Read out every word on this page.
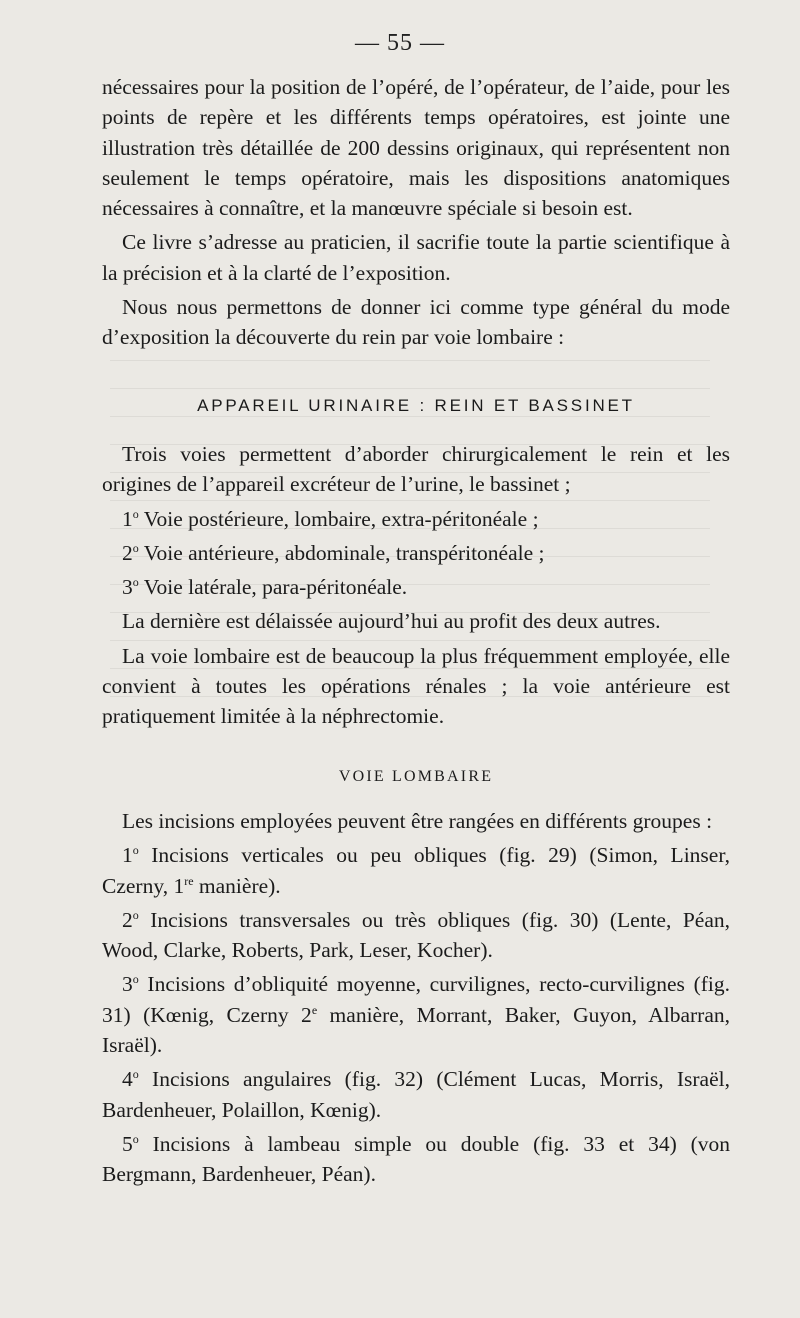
— 55 —

nécessaires pour la position de l’opéré, de l’opérateur, de l’aide, pour les points de repère et les différents temps opératoires, est jointe une illustration très détaillée de 200 dessins originaux, qui représentent non seulement le temps opératoire, mais les dispositions anatomiques nécessaires à connaître, et la manœuvre spéciale si besoin est.

Ce livre s’adresse au praticien, il sacrifie toute la partie scientifique à la précision et à la clarté de l’exposition.

Nous nous permettons de donner ici comme type général du mode d’exposition la découverte du rein par voie lombaire :

APPAREIL URINAIRE : REIN ET BASSINET

Trois voies permettent d’aborder chirurgicalement le rein et les origines de l’appareil excréteur de l’urine, le bassinet ;

1$^o$ Voie postérieure, lombaire, extra-péritonéale ;

2$^o$ Voie antérieure, abdominale, transpéritonéale ;

3$^o$ Voie latérale, para-péritonéale.

La dernière est délaissée aujourd’hui au profit des deux autres.

La voie lombaire est de beaucoup la plus fréquemment employée, elle convient à toutes les opérations rénales ; la voie antérieure est pratiquement limitée à la néphrectomie.

VOIE LOMBAIRE

Les incisions employées peuvent être rangées en différents groupes :

1$^o$ Incisions verticales ou peu obliques (fig. 29) (Simon, Linser, Czerny, 1re manière).

2$^o$ Incisions transversales ou très obliques (fig. 30) (Lente, Péan, Wood, Clarke, Roberts, Park, Leser, Kocher).

3$^o$ Incisions d’obliquité moyenne, curvilignes, recto-curvilignes (fig. 31) (Kœnig, Czerny 2e manière, Morrant, Baker, Guyon, Albarran, Israël).

4$^o$ Incisions angulaires (fig. 32) (Clément Lucas, Morris, Israël, Bardenheuer, Polaillon, Kœnig).

5$^o$ Incisions à lambeau simple ou double (fig. 33 et 34) (von Bergmann, Bardenheuer, Péan).
